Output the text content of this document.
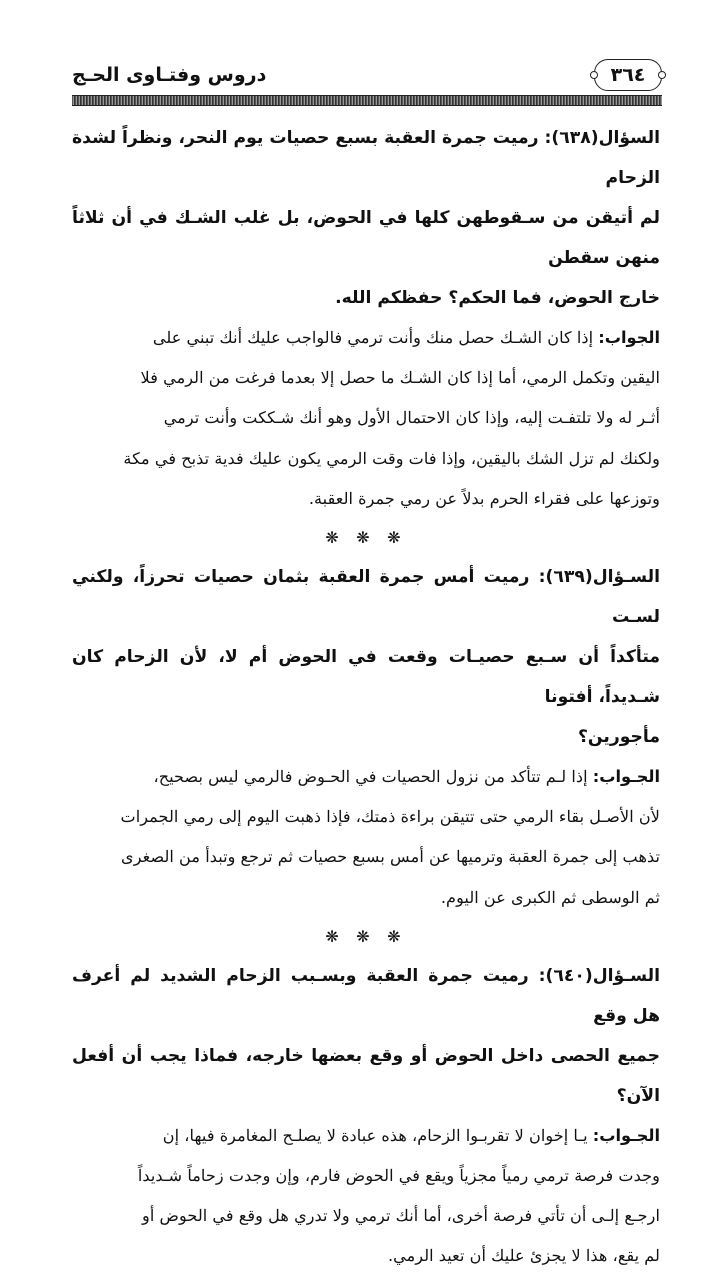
٣٦٤
دروس وفتـاوى الحـج

السؤال(٦٣٨): رميت جمرة العقبة بسبع حصيات يوم النحر، ونظراً لشدة الزحام
لم أتيقن من سـقوطهن كلها في الحوض، بل غلب الشـك في أن ثلاثاً منهن سقطن
خارج الحوض، فما الحكم؟ حفظكم الله.

الجواب: إذا كان الشـك حصل منك وأنت ترمي فالواجب عليك أنك تبني على
اليقين وتكمل الرمي، أما إذا كان الشـك ما حصل إلا بعدما فرغت من الرمي فلا
أثـر له ولا تلتفـت إليه، وإذا كان الاحتمال الأول وهو أنك شـككت وأنت ترمي
ولكنك لم تزل الشك باليقين، وإذا فات وقت الرمي يكون عليك فدية تذبح في مكة
وتوزعها على فقراء الحرم بدلاً عن رمي جمرة العقبة.

❋ ❋ ❋

السـؤال(٦٣٩): رميت أمس جمرة العقبة بثمان حصيات تحرزاً، ولكني لسـت
متأكداً أن سـبع حصيـات وقعت في الحوض أم لا، لأن الزحام كان شـديداً، أفتونا
مأجورين؟

الجـواب: إذا لـم تتأكد من نزول الحصيات في الحـوض فالرمي ليس بصحيح،
لأن الأصـل بقاء الرمي حتى تتيقن براءة ذمتك، فإذا ذهبت اليوم إلى رمي الجمرات
تذهب إلى جمرة العقبة وترميها عن أمس بسبع حصيات ثم ترجع وتبدأ من الصغرى
ثم الوسطى ثم الكبرى عن اليوم.

❋ ❋ ❋

السـؤال(٦٤٠): رميت جمرة العقبة وبسـبب الزحام الشديد لم أعرف هل وقع
جميع الحصى داخل الحوض أو وقع بعضها خارجه، فماذا يجب أن أفعل الآن؟

الجـواب: يـا إخوان لا تقربـوا الزحام، هذه عبادة لا يصلـح المغامرة فيها، إن
وجدت فرصة ترمي رمياً مجزياً ويقع في الحوض فارم، وإن وجدت زحاماً شـديداً
ارجـع إلـى أن تأتي فرصة أخرى، أما أنك ترمي ولا تدري هل وقع في الحوض أو
لم يقع، هذا لا يجزئ عليك أن تعيد الرمي.
